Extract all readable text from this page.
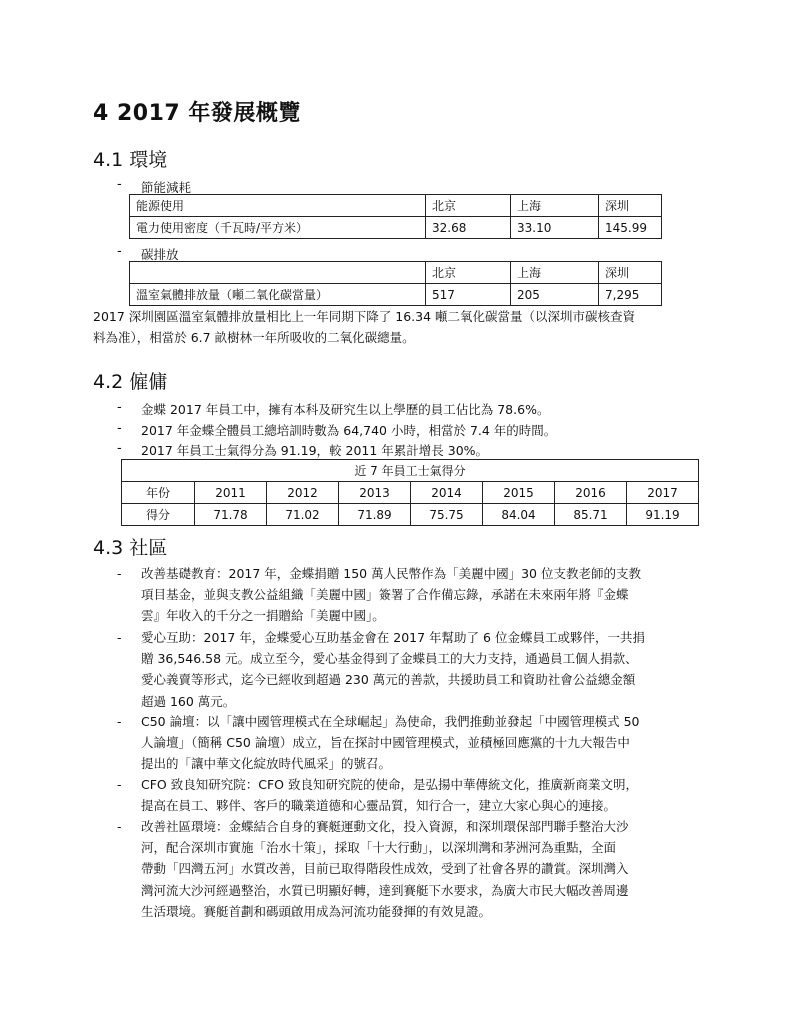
4 2017 年發展概覽
4.1 環境
- 節能減耗
能源使用	北京	上海	深圳
電力使用密度（千瓦時/平方米）	32.68	33.10	145.99
- 碳排放
	北京	上海	深圳
溫室氣體排放量（噸二氧化碳當量）	517	205	7,295
2017 深圳園區溫室氣體排放量相比上一年同期下降了 16.34 噸二氧化碳當量（以深圳市碳核查資
料為准），相當於 6.7 畝樹林一年所吸收的二氧化碳總量。
4.2 僱傭
- 金蝶 2017 年員工中，擁有本科及研究生以上學歷的員工佔比為 78.6%。
- 2017 年金蝶全體員工總培訓時數為 64,740 小時，相當於 7.4 年的時間。
- 2017 年員工士氣得分為 91.19，較 2011 年累計增長 30%。
近 7 年員工士氣得分							
年份	2011	2012	2013	2014	2015	2016	2017
得分	71.78	71.02	71.89	75.75	84.04	85.71	91.19
4.3 社區
- 改善基礎教育：2017 年，金蝶捐贈 150 萬人民幣作為「美麗中國」30 位支教老師的支教
項目基金，並與支教公益組織「美麗中國」簽署了合作備忘錄，承諾在未來兩年將『金蝶
雲』年收入的千分之一捐贈給「美麗中國」。
- 愛心互助：2017 年，金蝶愛心互助基金會在 2017 年幫助了 6 位金蝶員工或夥伴，一共捐
贈 36,546.58 元。成立至今，愛心基金得到了金蝶員工的大力支持，通過員工個人捐款、
愛心義賣等形式，迄今已經收到超過 230 萬元的善款，共援助員工和資助社會公益總金額
超過 160 萬元。
- C50 論壇：以「讓中國管理模式在全球崛起」為使命，我們推動並發起「中國管理模式 50
人論壇」（簡稱 C50 論壇）成立，旨在探討中國管理模式，並積極回應黨的十九大報告中
提出的「讓中華文化綻放時代風采」的號召。
- CFO 致良知研究院：CFO 致良知研究院的使命，是弘揚中華傳統文化，推廣新商業文明，
提高在員工、夥伴、客戶的職業道德和心靈品質，知行合一，建立大家心與心的連接。
- 改善社區環境：金蝶結合自身的賽艇運動文化，投入資源，和深圳環保部門聯手整治大沙
河，配合深圳市實施「治水十策」，採取「十大行動」，以深圳灣和茅洲河為重點，全面
帶動「四灣五河」水質改善，目前已取得階段性成效，受到了社會各界的讚賞。深圳灣入
灣河流大沙河經過整治，水質已明顯好轉，達到賽艇下水要求，為廣大市民大幅改善周邊
生活環境。賽艇首劃和碼頭啟用成為河流功能發揮的有效見證。
